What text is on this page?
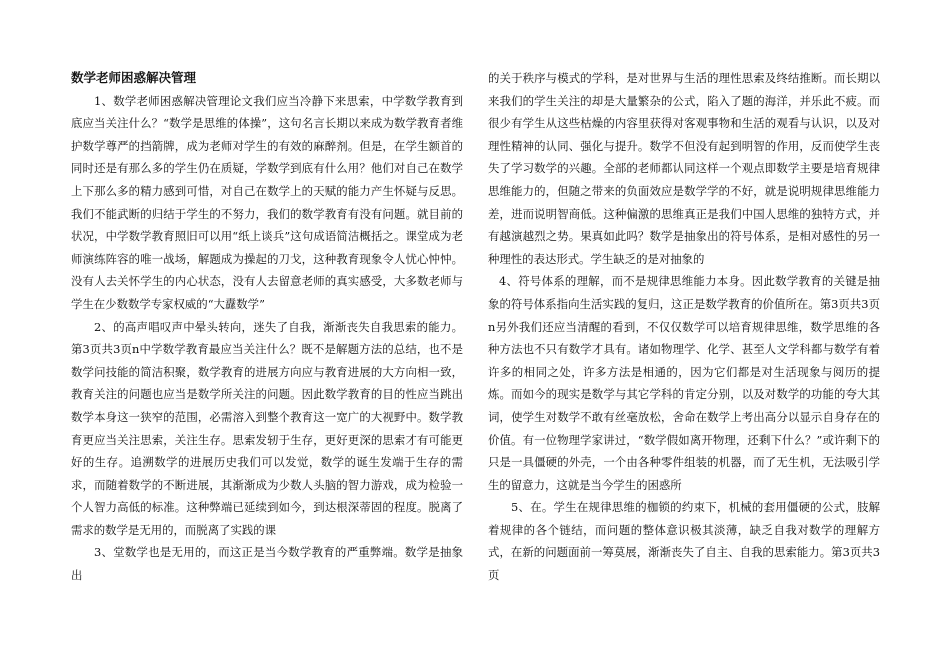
数学老师困惑解决管理

1、数学老师困惑解决管理论文我们应当冷静下来思索，中学数学教育到底应当关注什么？“数学是思维的体操”，这句名言长期以来成为数学教育者维护数学尊严的挡箭牌，成为老师对学生的有效的麻醉剂。但是，在学生额首的同时还是有那么多的学生仍在质疑，学数学到底有什么用？他们对自己在数学上下那么多的精力感到可惜，对自己在数学上的天赋的能力产生怀疑与反思。我们不能武断的归结于学生的不努力，我们的数学教育有没有问题。就目前的状况，中学数学教育照旧可以用“纸上谈兵”这句成语简洁概括之。课堂成为老师演练阵容的唯一战场，解题成为操起的刀戈，这种教育现象令人忧心忡忡。没有人去关怀学生的内心状态，没有人去留意老师的真实感受，大多数老师与学生在少数数学专家权威的“大纛数学”

2、的高声唱叹声中晕头转向，迷失了自我，渐渐丧失自我思索的能力。第3页共3页n中学数学教育最应当关注什么？既不是解题方法的总结，也不是数学问技能的简洁积聚，数学教育的进展方向应与教育进展的大方向相一致，教育关注的问题也应当是数学所关注的问题。因此数学教育的目的性应当跳出数学本身这一狭窄的范围，必需溶入到整个教育这一宽广的大视野中。数学教育更应当关注思索，关注生存。思索发轫于生存，更好更深的思索才有可能更好的生存。追溯数学的进展历史我们可以发觉，数学的诞生发端于生存的需求，而随着数学的不断进展，其渐渐成为少数人头脑的智力游戏，成为检验一个人智力高低的标准。这种弊端已延续到如今，到达根深蒂固的程度。脱离了需求的数学是无用的，而脱离了实践的课

3、堂数学也是无用的，而这正是当今数学教育的严重弊端。数学是抽象出

的关于秩序与模式的学科，是对世界与生活的理性思索及终结推断。而长期以来我们的学生关注的却是大量繁杂的公式，陷入了题的海洋，并乐此不疲。而很少有学生从这些枯燥的内容里获得对客观事物和生活的观看与认识，以及对理性精神的认同、强化与提升。数学不但没有起到明智的作用，反而使学生丧失了学习数学的兴趣。全部的老师都认同这样一个观点即数学主要是培育规律思维能力的，但随之带来的负面效应是数学学的不好，就是说明规律思维能力差，进而说明智商低。这种偏激的思维真正是我们中国人思维的独特方式，并有越演越烈之势。果真如此吗？数学是抽象出的符号体系，是相对感性的另一种理性的表达形式。学生缺乏的是对抽象的

4、符号体系的理解，而不是规律思维能力本身。因此数学教育的关键是抽象的符号体系指向生活实践的复归，这正是数学教育的价值所在。第3页共3页n另外我们还应当清醒的看到，不仅仅数学可以培育规律思维，数学思维的各种方法也不只有数学才具有。诸如物理学、化学、甚至人文学科都与数学有着许多的相同之处，许多方法是相通的，因为它们都是对生活现象与阅历的提炼。而如今的现实是数学与其它学科的肯定分别，以及对数学的功能的夸大其词，使学生对数学不敢有丝毫放松，舍命在数学上考出高分以显示自身存在的价值。有一位物理学家讲过，“数学假如离开物理，还剩下什么？”或许剩下的只是一具僵硬的外壳，一个由各种零件组装的机器，而了无生机，无法吸引学生的留意力，这就是当今学生的困惑所

5、在。学生在规律思维的枷锁的约束下，机械的套用僵硬的公式，肢解着规律的各个链结，而问题的整体意识极其淡薄，缺乏自我对数学的理解方式，在新的问题面前一筹莫展，渐渐丧失了自主、自我的思索能力。第3页共3页
